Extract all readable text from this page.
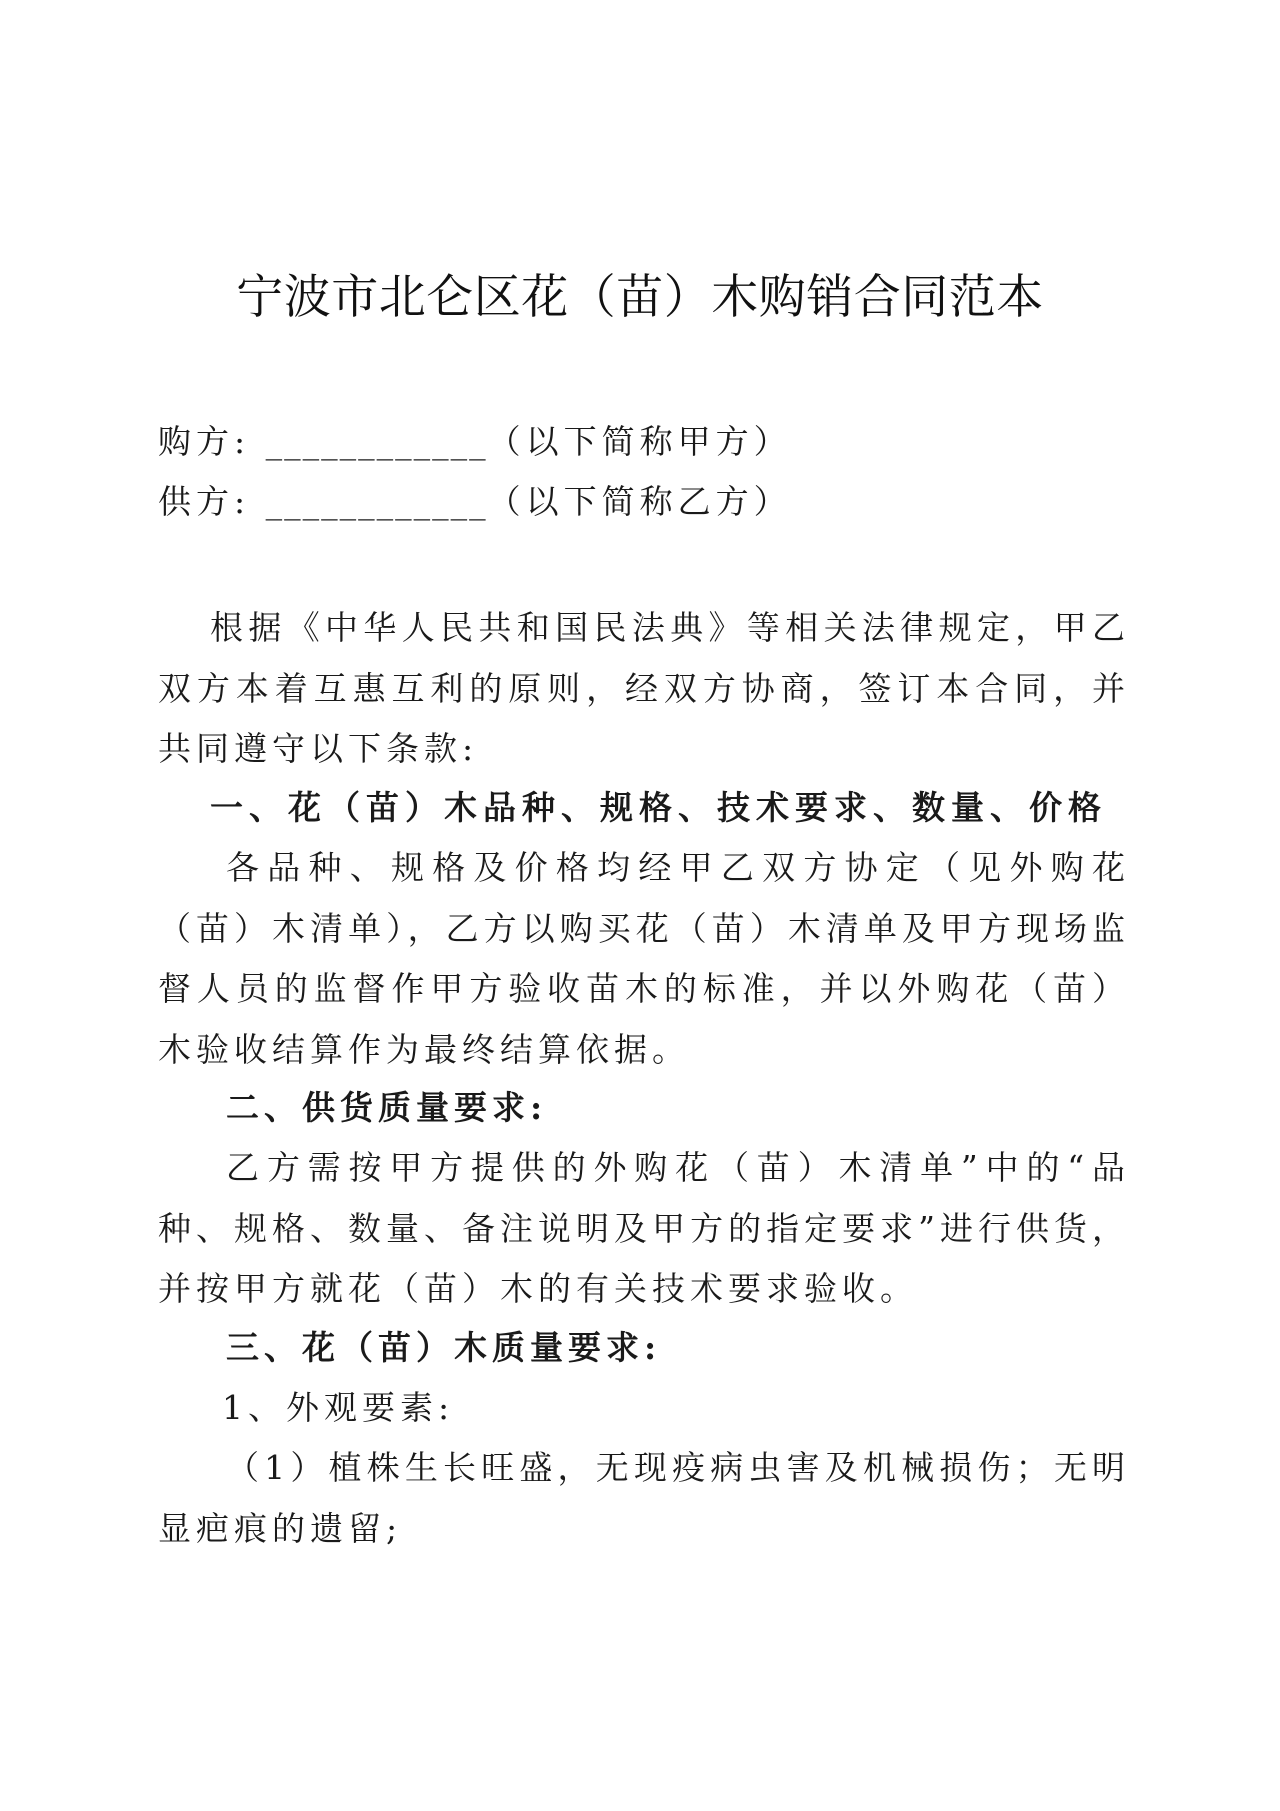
宁波市北仑区花（苗）木购销合同范本
购方: ____________（以下简称甲方）
供方: ____________（以下简称乙方）

根据《中华人民共和国民法典》等相关法律规定，甲乙双方本着互惠互利的原则，经双方协商，签订本合同，并共同遵守以下条款:

一、花（苗）木品种、规格、技术要求、数量、价格

各品种、规格及价格均经甲乙双方协定（见外购花（苗）木清单），乙方以购买花（苗）木清单及甲方现场监督人员的监督作甲方验收苗木的标准，并以外购花（苗）木验收结算作为最终结算依据。

二、供货质量要求:

乙方需按甲方提供的外购花（苗）木清单”中的“品种、规格、数量、备注说明及甲方的指定要求”进行供货，并按甲方就花（苗）木的有关技术要求验收。

三、花（苗）木质量要求:

1、外观要素:

（1）植株生长旺盛，无现疫病虫害及机械损伤；无明显疤痕的遗留;
